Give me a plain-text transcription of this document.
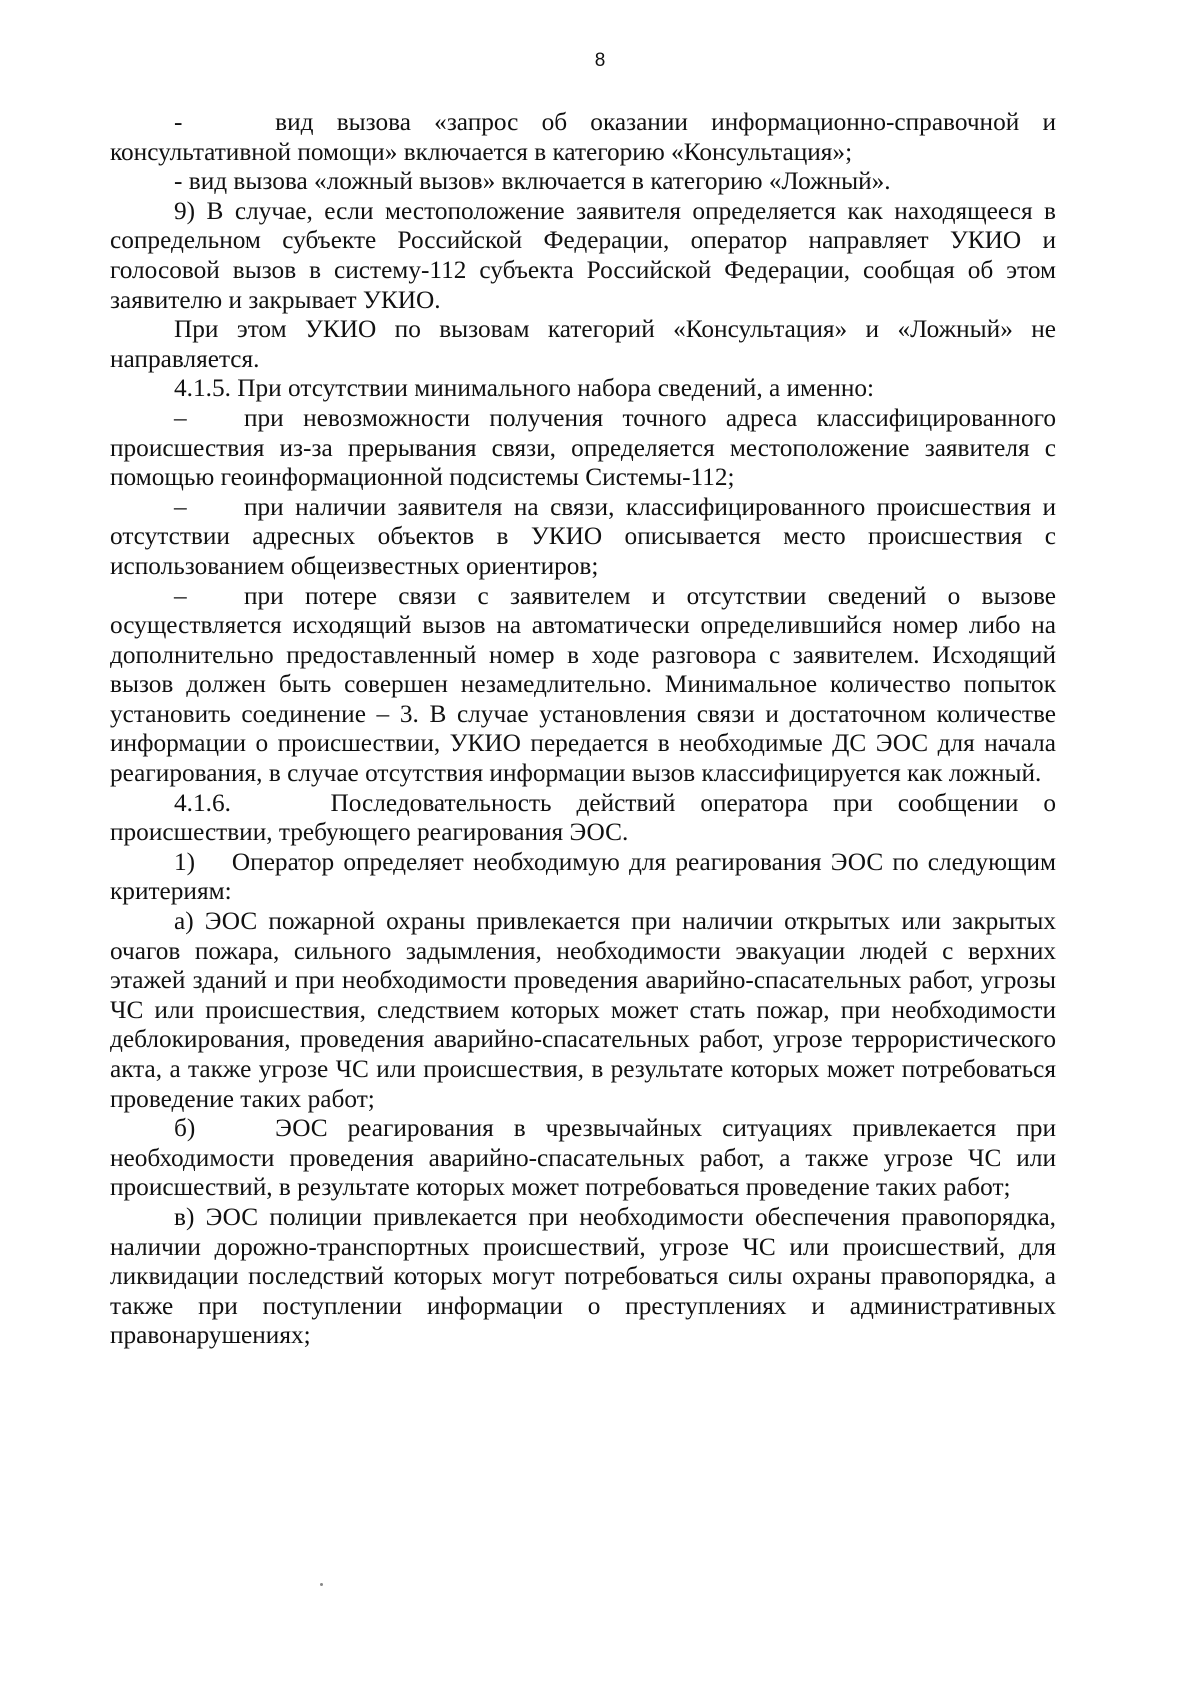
8

-    вид вызова «запрос об оказании информационно-справочной и консультативной помощи» включается в категорию «Консультация»;

- вид вызова «ложный вызов» включается в категорию «Ложный».

9) В случае, если местоположение заявителя определяется как находящееся в сопредельном субъекте Российской Федерации, оператор направляет УКИО и голосовой вызов в систему-112 субъекта Российской Федерации, сообщая об этом заявителю и закрывает УКИО.

При этом УКИО по вызовам категорий «Консультация» и «Ложный» не направляется.

4.1.5. При отсутствии минимального набора сведений, а именно:

– при невозможности получения точного адреса классифицированного происшествия из-за прерывания связи, определяется местоположение заявителя с помощью геоинформационной подсистемы Системы-112;

– при наличии заявителя на связи, классифицированного происшествия и отсутствии адресных объектов в УКИО описывается место происшествия с использованием общеизвестных ориентиров;

– при потере связи с заявителем и отсутствии сведений о вызове осуществляется исходящий вызов на автоматически определившийся номер либо на дополнительно предоставленный номер в ходе разговора с заявителем. Исходящий вызов должен быть совершен незамедлительно. Минимальное количество попыток установить соединение – 3. В случае установления связи и достаточном количестве информации о происшествии, УКИО передается в необходимые ДС ЭОС для начала реагирования, в случае отсутствия информации вызов классифицируется как ложный.

4.1.6.    Последовательность действий оператора при сообщении о происшествии, требующего реагирования ЭОС.

1)    Оператор определяет необходимую для реагирования ЭОС по следующим критериям:

а) ЭОС пожарной охраны привлекается при наличии открытых или закрытых очагов пожара, сильного задымления, необходимости эвакуации людей с верхних этажей зданий и при необходимости проведения аварийно-спасательных работ, угрозы ЧС или происшествия, следствием которых может стать пожар, при необходимости деблокирования, проведения аварийно-спасательных работ, угрозе террористического акта, а также угрозе ЧС или происшествия, в результате которых может потребоваться проведение таких работ;

б)    ЭОС реагирования в чрезвычайных ситуациях привлекается при необходимости проведения аварийно-спасательных работ, а также угрозе ЧС или происшествий, в результате которых может потребоваться проведение таких работ;

в) ЭОС полиции привлекается при необходимости обеспечения правопорядка, наличии дорожно-транспортных происшествий, угрозе ЧС или происшествий, для ликвидации последствий которых могут потребоваться силы охраны правопорядка, а также при поступлении информации о преступлениях и административных правонарушениях;
